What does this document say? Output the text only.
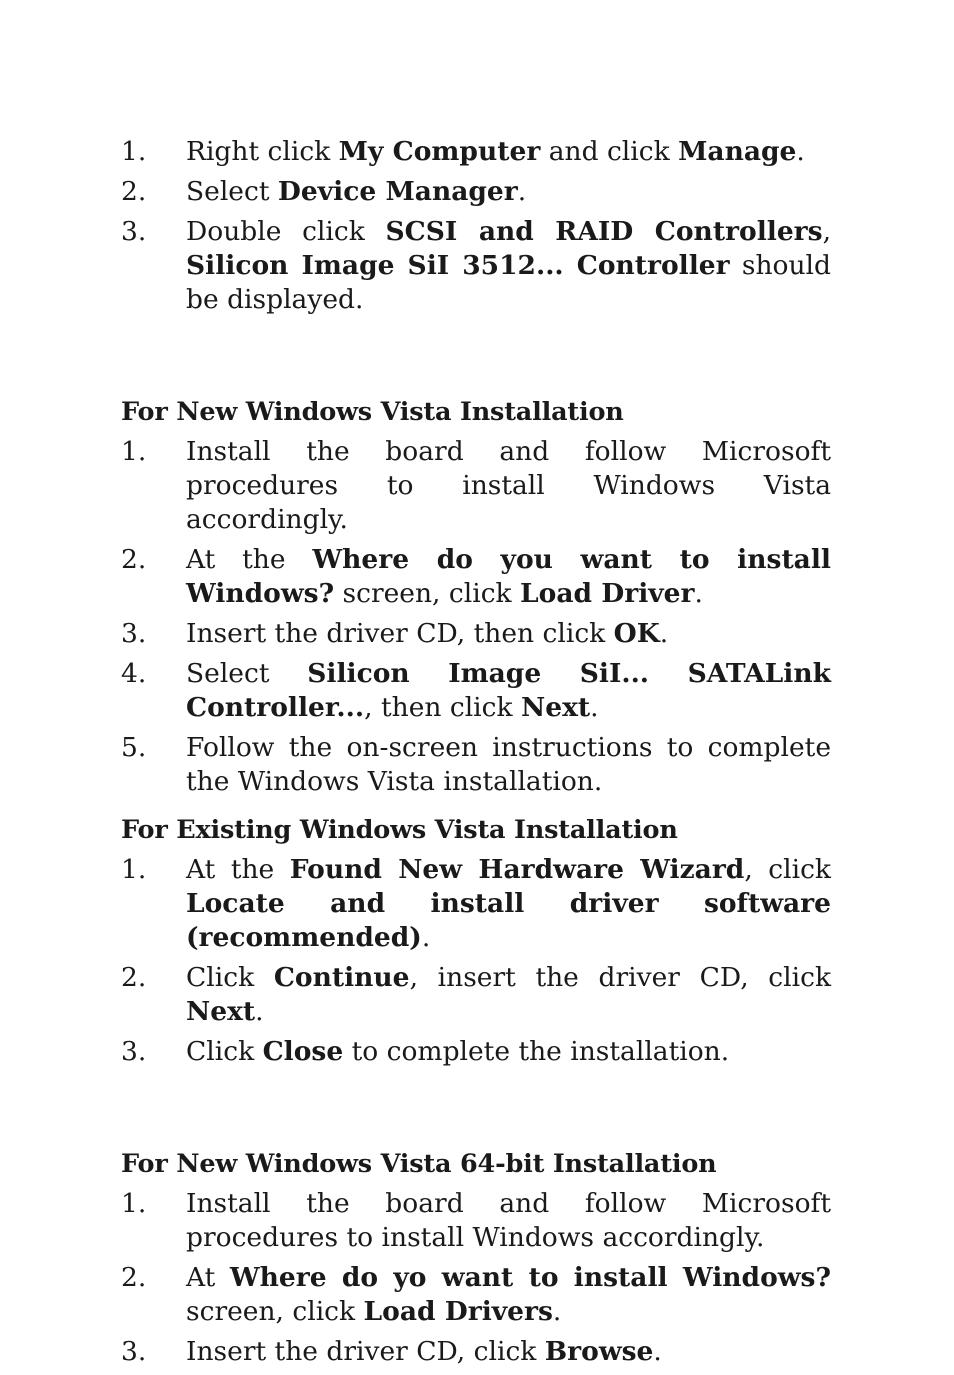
1. Right click My Computer and click Manage.
2. Select Device Manager.
3. Double click SCSI and RAID Controllers, Silicon Image SiI 3512... Controller should be displayed.
For New Windows Vista Installation
1. Install the board and follow Microsoft procedures to install Windows Vista accordingly.
2. At the Where do you want to install Windows? screen, click Load Driver.
3. Insert the driver CD, then click OK.
4. Select Silicon Image SiI... SATALink Controller..., then click Next.
5. Follow the on-screen instructions to complete the Windows Vista installation.
For Existing Windows Vista Installation
1. At the Found New Hardware Wizard, click Locate and install driver software (recommended).
2. Click Continue, insert the driver CD, click Next.
3. Click Close to complete the installation.
For New Windows Vista 64-bit Installation
1. Install the board and follow Microsoft procedures to install Windows accordingly.
2. At Where do yo want to install Windows? screen, click Load Drivers.
3. Insert the driver CD, click Browse.
